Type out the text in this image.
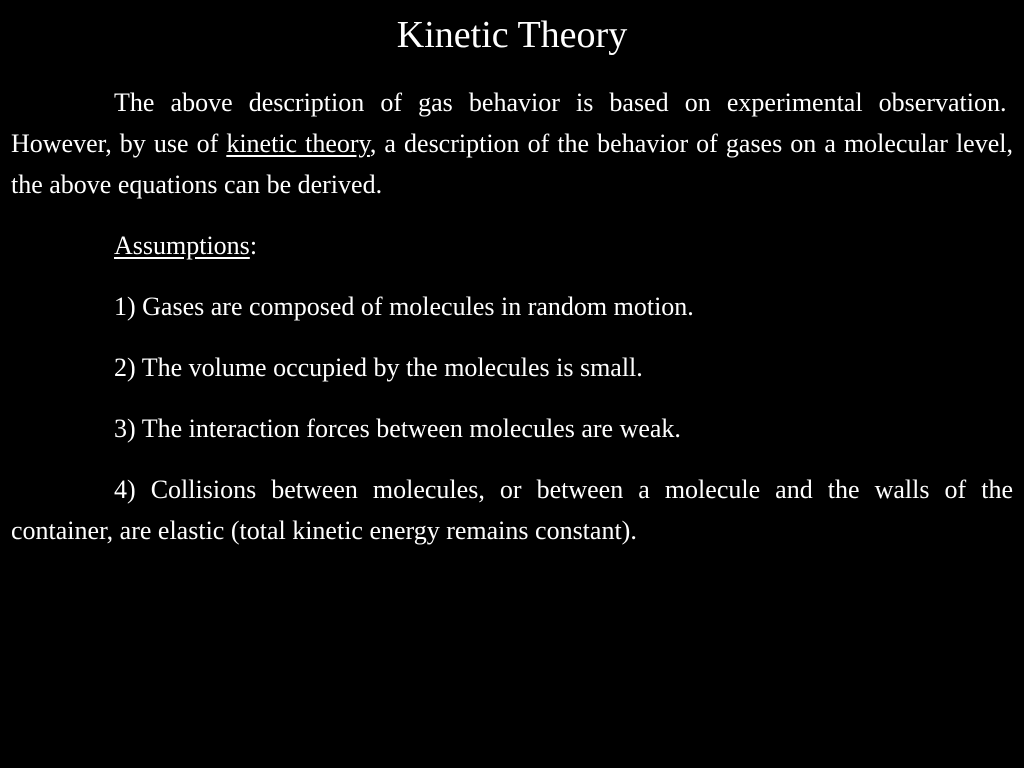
Kinetic Theory

The above description of gas behavior is based on experimental observation.  However, by use of kinetic theory, a description of the behavior of gases on a molecular level, the above equations can be derived.

Assumptions:

1) Gases are composed of molecules in random motion.

2) The volume occupied by the molecules is small.

3) The interaction forces between molecules are weak.

4) Collisions between molecules, or between a molecule and the walls of the container, are elastic (total kinetic energy remains constant).
